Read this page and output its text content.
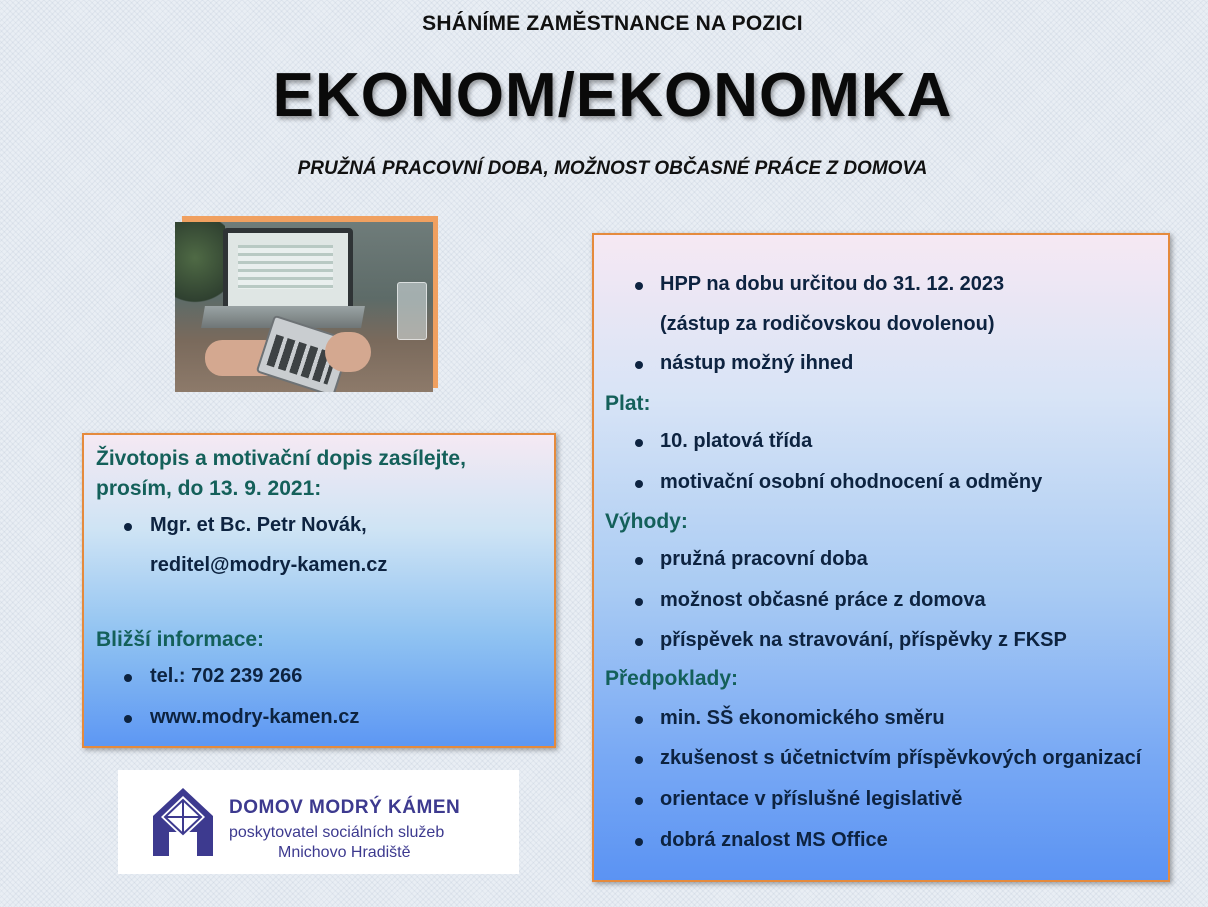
SHÁNÍME ZAMĚSTNANCE NA POZICI
EKONOM/EKONOMKA
PRUŽNÁ PRACOVNÍ DOBA, MOŽNOST OBČASNÉ PRÁCE Z DOMOVA
Životopis a motivační dopis zasílejte,
prosím, do 13. 9. 2021:
Mgr. et Bc. Petr Novák,
reditel@modry-kamen.cz
Bližší informace:
tel.: 702 239 266
www.modry-kamen.cz
HPP na dobu určitou do 31. 12. 2023
(zástup za rodičovskou dovolenou)
nástup možný ihned
Plat:
10. platová třída
motivační osobní ohodnocení a odměny
Výhody:
pružná pracovní doba
možnost občasné práce z domova
příspěvek na stravování, příspěvky z FKSP
Předpoklady:
min. SŠ ekonomického směru
zkušenost s účetnictvím příspěvkových organizací
orientace v příslušné legislativě
dobrá znalost MS Office
DOMOV MODRÝ KÁMEN
poskytovatel sociálních služeb
Mnichovo Hradiště
